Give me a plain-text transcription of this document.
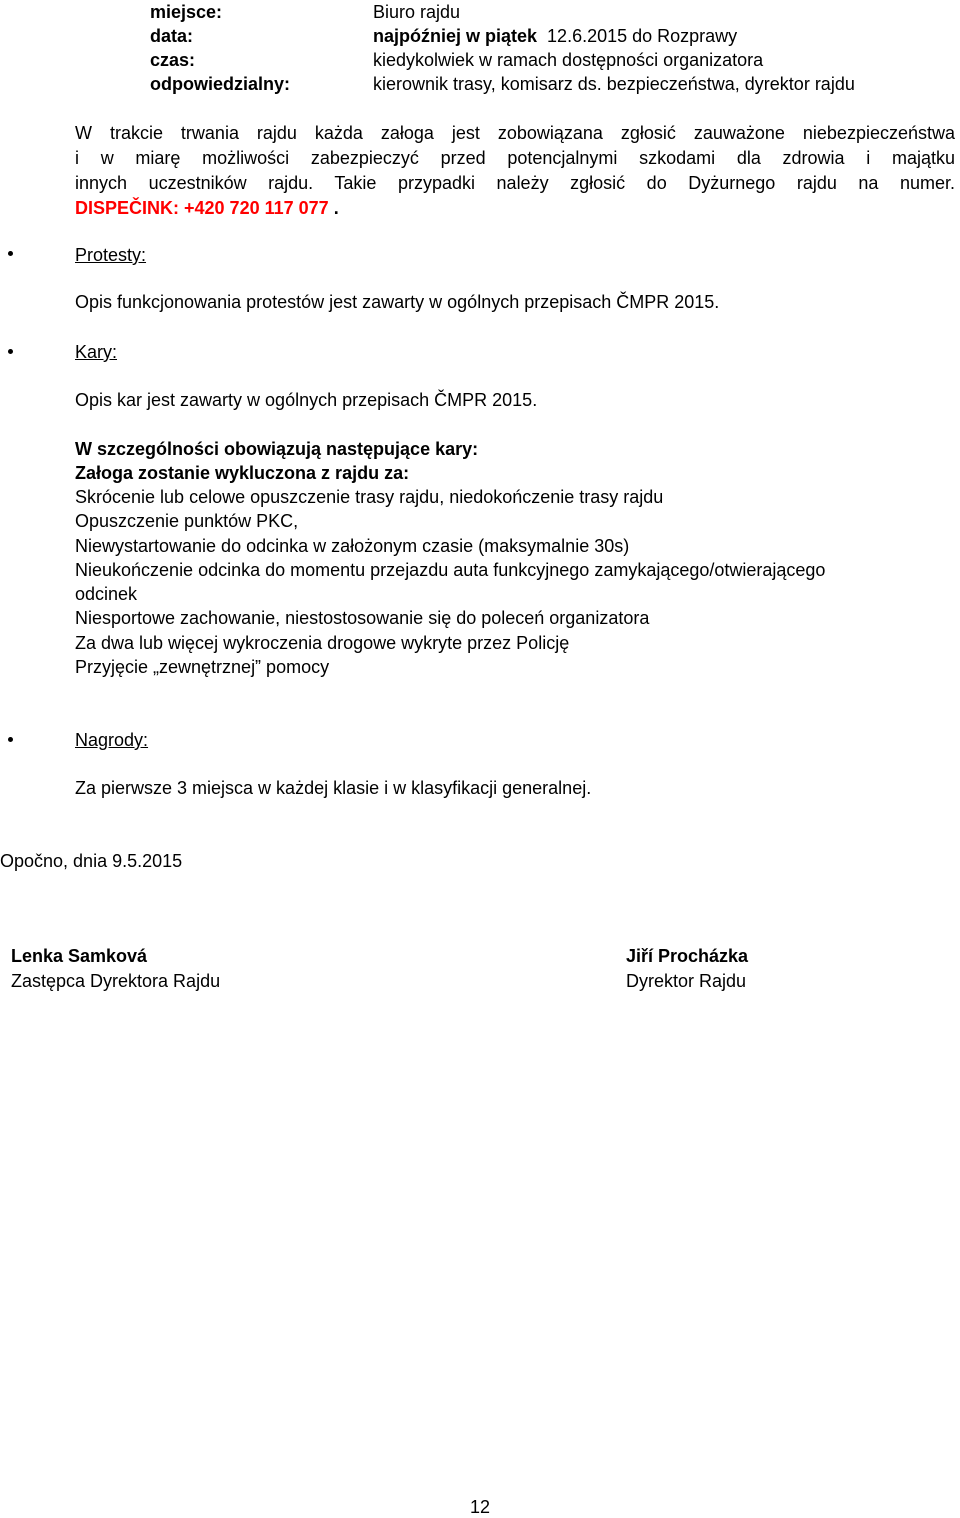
miejsce:	Biuro rajdu
data:	najpóźniej w piątek 12.6.2015 do Rozprawy
czas:	kiedykolwiek w ramach dostępności organizatora
odpowiedzialny:	kierownik trasy, komisarz ds. bezpieczeństwa, dyrektor rajdu
W trakcie trwania rajdu każda załoga jest zobowiązana zgłosić zauważone niebezpieczeństwa
i w miarę możliwości zabezpieczyć przed potencjalnymi szkodami dla zdrowia i majątku
innych uczestników rajdu. Takie przypadki należy zgłosić do Dyżurnego rajdu na numer.
DISPEČINK: +420 720 117 077 .
Protesty:
Opis funkcjonowania protestów jest zawarty w ogólnych przepisach ČMPR 2015.
Kary:
Opis kar jest zawarty w ogólnych przepisach ČMPR 2015.
W szczególności obowiązują następujące kary:
Załoga zostanie wykluczona z rajdu za:
Skrócenie lub celowe opuszczenie trasy rajdu, niedokończenie trasy rajdu
Opuszczenie punktów PKC,
Niewystartowanie do odcinka w założonym czasie (maksymalnie 30s)
Nieukończenie odcinka do momentu przejazdu auta funkcyjnego zamykającego/otwierającego
odcinek
Niesportowe zachowanie, niestostosowanie się do poleceń organizatora
Za dwa lub więcej wykroczenia drogowe wykryte przez Policję
Przyjęcie „zewnętrznej” pomocy
Nagrody:
Za pierwsze 3 miejsca w każdej klasie i w klasyfikacji generalnej.
Opočno, dnia 9.5.2015
Lenka Samková
Zastępca Dyrektora Rajdu
Jiří Procházka
Dyrektor Rajdu
12
